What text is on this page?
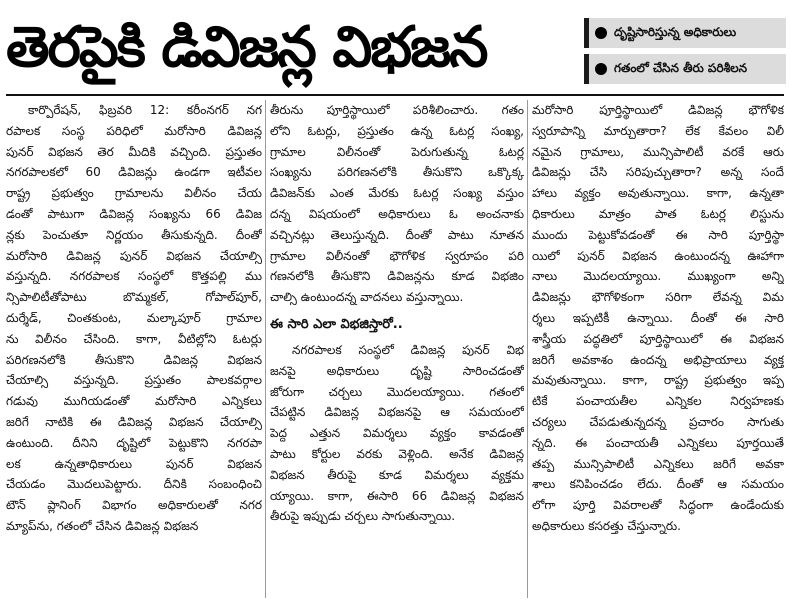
తెరపైకి డివిజన్ల విభజన	దృష్టిసారిస్తున్న అధికారులు
గతంలో చేసిన తీరు పరిశీలన
కార్పొరేషన్, ఫిబ్రవరి 12: కరీంనగర్ నగ
రపాలక సంస్థ పరిధిలో మరోసారి డివిజన్ల
పునర్ విభజన తెర మీదికి వచ్చింది. ప్రస్తుతం
నగరపాలకలో 60 డివిజన్లు ఉండగా ఇటీవల
రాష్ట్ర ప్రభుత్వం గ్రామాలను విలీనం చేయ
డంతో పాటుగా డివిజన్ల సంఖ్యను 66 డివిజ
న్లకు పెంచుతూ నిర్ణయం తీసుకున్నది. దీంతో
మరోసారి డివిజన్ల పునర్ విభజన చేయాల్సి
వస్తున్నది. నగరపాలక సంస్థలో కొత్తపల్లి ము
న్సిపాలిటీతోపాటు బొమ్మకల్, గోపాల్‌పూర్,
దుర్శేడ్, చింతకుంట, మల్కాపూర్ గ్రామాల
ను విలీనం చేసింది. కాగా, వీటిల్లోని ఓటర్లు
పరిగణనలోకి తీసుకొని డివిజన్ల విభజన
చేయాల్సి వస్తున్నది. ప్రస్తుతం పాలకవర్గాల
గడువు ముగియడంతో మరోసారి ఎన్నికలు
జరిగే నాటికి ఈ డివిజన్ల విభజన చేయాల్సి
ఉంటుంది. దీనిని దృష్టిలో పెట్టుకొని నగరపా
లక ఉన్నతాధికారులు పునర్ విభజన
చేయడం మొదలుపెట్టారు. దీనికి సంబంధించి
టౌన్ ప్లానింగ్ విభాగం అధికారులతో నగర
మ్యాప్‌ను, గతంలో చేసిన డివిజన్ల విభజన
తీరును పూర్తిస్థాయిలో పరిశీలించారు. గతం
లోని ఓటర్లు, ప్రస్తుతం ఉన్న ఓటర్ల సంఖ్య,
గ్రామాల విలీనంతో పెరుగుతున్న ఓటర్ల
సంఖ్యను పరిగణనలోకి తీసుకొని ఒక్కొక్క
డివిజన్‌కు ఎంత మేరకు ఓటర్ల సంఖ్య వస్తుం
దన్న విషయంలో అధికారులు ఓ అంచనాకు
వచ్చినట్లు తెలుస్తున్నది. దీంతో పాటు నూతన
గ్రామాల విలీనంతో భౌగోళిక స్వరూపం పరి
గణనలోకి తీసుకొని డివిజన్లను కూడ విభజిం
చాల్సి ఉంటుందన్న వాదనలు వస్తున్నాయి.
ఈ సారి ఎలా విభజిస్తారో..
నగరపాలక సంస్థలో డివిజన్ల పునర్ విభ
జనపై అధికారులు దృష్టి సారించడంతో
జోరుగా చర్చలు మొదలయ్యాయి. గతంలో
చేపట్టిన డివిజన్ల విభజనపై ఆ సమయంలో
పెద్ద ఎత్తున విమర్శలు వ్యక్తం కావడంతో
పాటు కోర్టుల వరకు వెళ్లింది. అనేక డివిజన్ల
విభజన తీరుపై కూడ విమర్శలు వ్యక్తమ
య్యాయి. కాగా, ఈసారి 66 డివిజన్ల విభజన
తీరుపై ఇప్పుడు చర్చలు సాగుతున్నాయి.
మరోసారి పూర్తిస్థాయిలో డివిజన్ల భౌగోళిక
స్వరూపాన్ని మార్చుతారా? లేక కేవలం విలీ
నమైన గ్రామాలు, మున్సిపాలిటీ వరకే ఆరు
డివిజన్లు చేసి సరిపుచ్చుతారా? అన్న సందే
హాలు వ్యక్తం అవుతున్నాయి. కాగా, ఉన్నతా
ధికారులు మాత్రం పాత ఓటర్ల లిస్టును
ముందు పెట్టుకోవడంతో ఈ సారి పూర్తిస్థా
యిలో పునర్ విభజన ఉంటుందన్న ఊహాగా
నాలు మొదలయ్యాయి. ముఖ్యంగా అన్ని
డివిజన్లు భౌగోళికంగా సరిగా లేవన్న విమ
ర్శలు ఇప్పటికీ ఉన్నాయి. దీంతో ఈ సారి
శాస్త్రీయ పద్ధతిలో పూర్తిస్థాయిలో ఈ విభజన
జరిగే అవకాశం ఉందన్న అభిప్రాయాలు వ్యక్త
మవుతున్నాయి. కాగా, రాష్ట్ర ప్రభుత్వం ఇప్ప
టికే పంచాయతీల ఎన్నికల నిర్వహణకు
చర్యలు చేపడుతున్నదన్న ప్రచారం సాగుతు
న్నది. ఈ పంచాయతీ ఎన్నికలు పూర్తయితే
తప్ప మున్సిపాలిటీ ఎన్నికలు జరిగే అవకా
శాలు కనిపించడం లేదు. దీంతో ఆ సమయం
లోగా పూర్తి వివరాలతో సిద్ధంగా ఉండేందుకు
అధికారులు కసరత్తు చేస్తున్నారు.
